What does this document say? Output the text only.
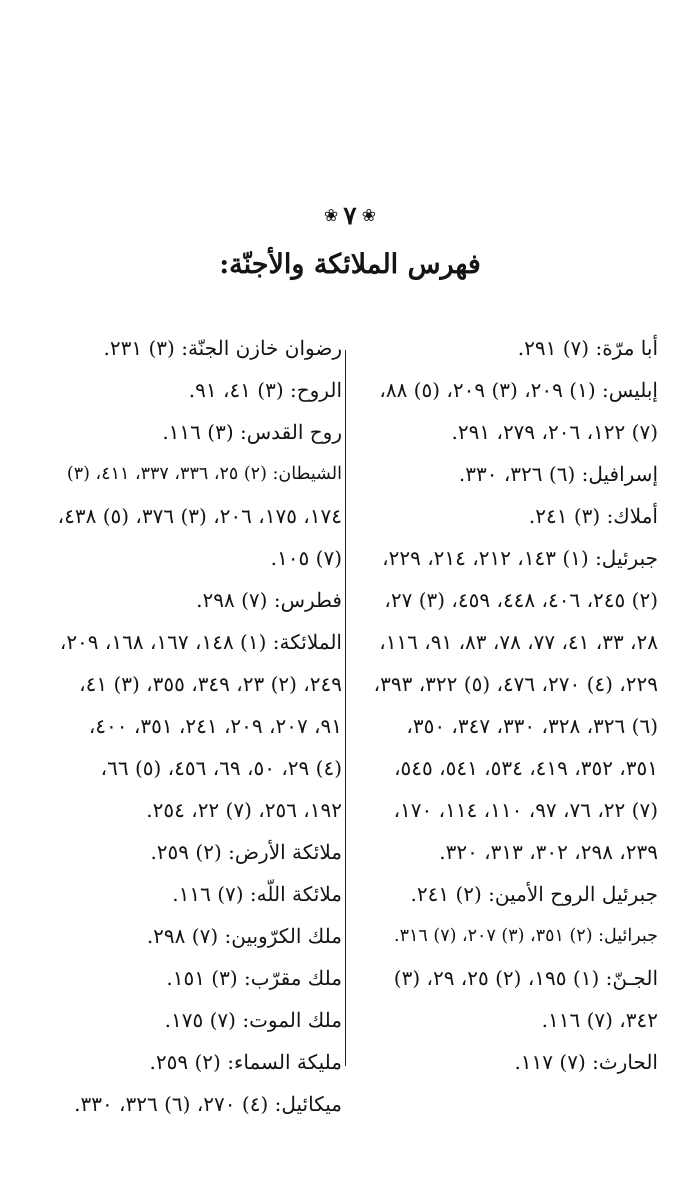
❀٧❀
فهرس الملائكة والأجنّة:
أبا مرّة: (٧) ٢٩١.
إبليس: (١) ٢٠٩، (٣) ٢٠٩، (٥) ٨٨،
(٧) ١٢٢، ٢٠٦، ٢٧٩، ٢٩١.
إسرافيل: (٦) ٣٢٦، ٣٣٠.
أملاك: (٣) ٢٤١.
جبرئيل: (١) ١٤٣، ٢١٢، ٢١٤، ٢٢٩،
(٢) ٢٤٥، ٤٠٦، ٤٤٨، ٤٥٩، (٣) ٢٧،
٢٨، ٣٣، ٤١، ٧٧، ٧٨، ٨٣، ٩١، ١١٦،
٢٢٩، (٤) ٢٧٠، ٤٧٦، (٥) ٣٢٢، ٣٩٣،
(٦) ٣٢٦، ٣٢٨، ٣٣٠، ٣٤٧، ٣٥٠،
٣٥١، ٣٥٢، ٤١٩، ٥٣٤، ٥٤١، ٥٤٥،
(٧) ٢٢، ٧٦، ٩٧، ١١٠، ١١٤، ١٧٠،
٢٣٩، ٢٩٨، ٣٠٢، ٣١٣، ٣٢٠.
جبرئيل الروح الأمين: (٢) ٢٤١.
جبرائيل: (٢) ٣٥١، (٣) ٢٠٧، (٧) ٣١٦.
الجـنّ: (١) ١٩٥، (٢) ٢٥، ٢٩، (٣)
٣٤٢، (٧) ١١٦.
الحارث: (٧) ١١٧.
رضوان خازن الجنّة: (٣) ٢٣١.
الروح: (٣) ٤١، ٩١.
روح القدس: (٣) ١١٦.
الشيطان: (٢) ٢٥، ٣٣٦، ٣٣٧، ٤١١، (٣)
١٧٤، ١٧٥، ٢٠٦، (٣) ٣٧٦، (٥) ٤٣٨،
(٧) ١٠٥.
فطرس: (٧) ٢٩٨.
الملائكة: (١) ١٤٨، ١٦٧، ١٦٨، ٢٠٩،
٢٤٩، (٢) ٢٣، ٣٤٩، ٣٥٥، (٣) ٤١،
٩١، ٢٠٧، ٢٠٩، ٢٤١، ٣٥١، ٤٠٠،
(٤) ٢٩، ٥٠، ٦٩، ٤٥٦، (٥) ٦٦،
١٩٢، ٢٥٦، (٧) ٢٢، ٢٥٤.
ملائكة الأرض: (٢) ٢٥٩.
ملائكة اللّه: (٧) ١١٦.
ملك الكرّوبين: (٧) ٢٩٨.
ملك مقرّب: (٣) ١٥١.
ملك الموت: (٧) ١٧٥.
مليكة السماء: (٢) ٢٥٩.
ميكائيل: (٤) ٢٧٠، (٦) ٣٢٦، ٣٣٠.
